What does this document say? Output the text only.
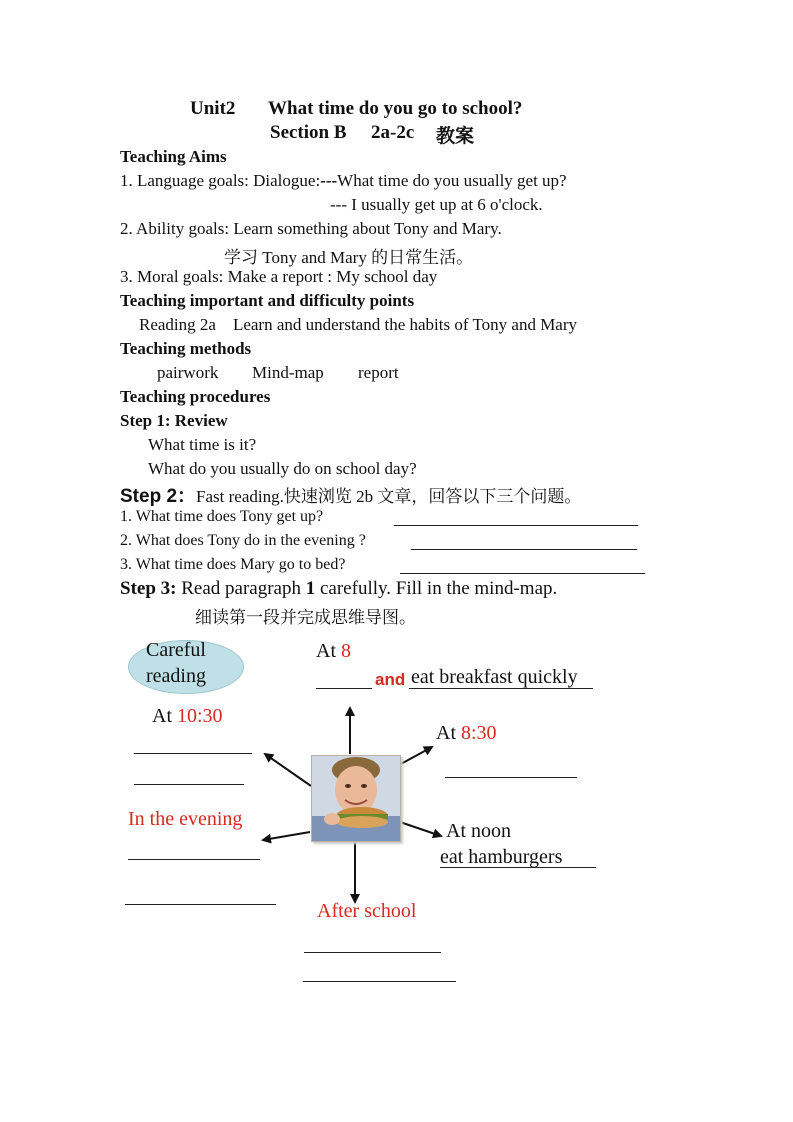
Unit2 What time do you go to school?
Section B 2a-2c 教案
Teaching Aims
1. Language goals: Dialogue:---What time do you usually get up?
--- I usually get up at 6 o'clock.
2. Ability goals: Learn something about Tony and Mary.
学习 Tony and Mary 的日常生活。
3. Moral goals: Make a report : My school day
Teaching important and difficulty points
Reading 2a    Learn and understand the habits of Tony and Mary
Teaching methods
pairwork Mind-map report
Teaching procedures
Step 1: Review
What time is it?
What do you usually do on school day?
Step 2：Fast reading.快速浏览 2b 文章，回答以下三个问题。
1. What time does Tony get up?
2. What does Tony do in the evening ?
3. What time does Mary go to bed?
Step 3: Read paragraph 1 carefully. Fill in the mind-map.
细读第一段并完成思维导图。
Careful
reading
At 8
and eat breakfast quickly
At 10:30
At 8:30
In the evening
At noon
eat hamburgers
After school
